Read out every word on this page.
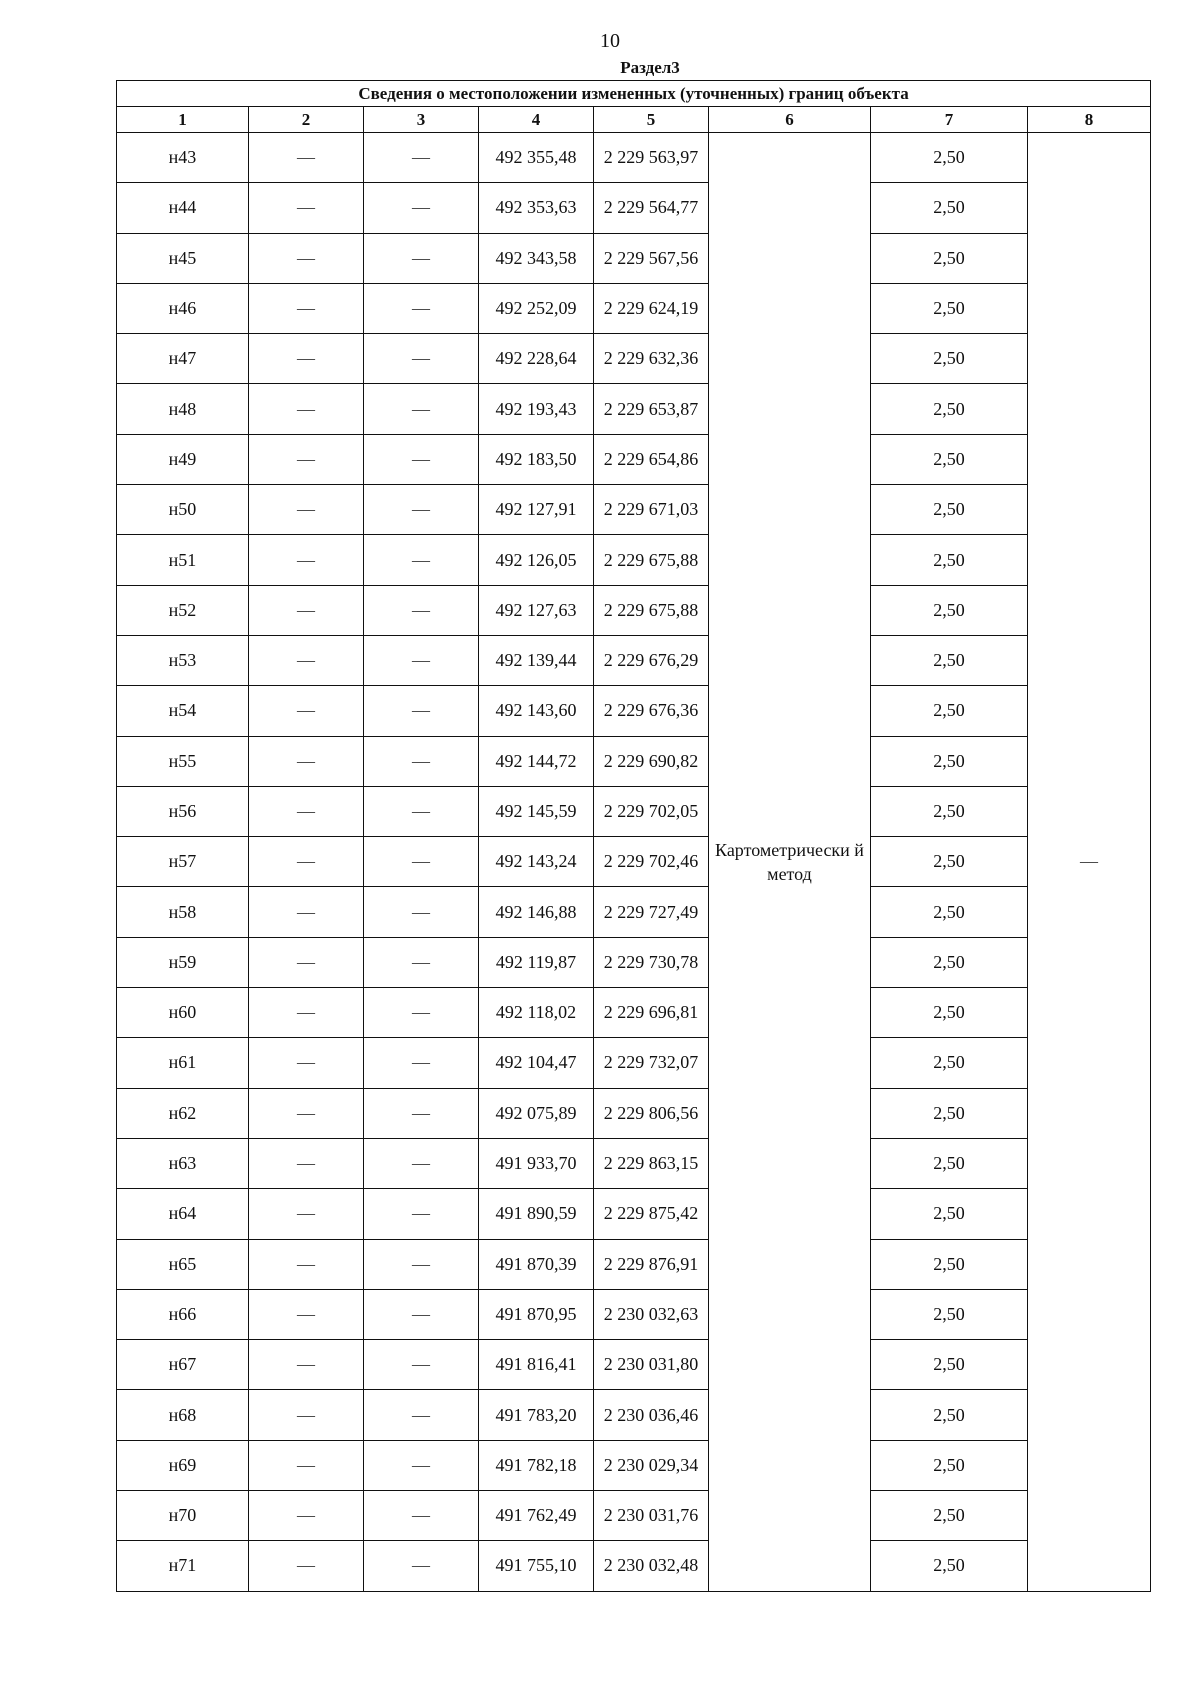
10
Раздел3
Сведения о местоположении измененных (уточненных) границ объекта							
1	2	3	4	5	6	7	8
н43	—	—	492 355,48	2 229 563,97	Картометрически й метод	2,50	—
н44	—	—	492 353,63	2 229 564,77		2,50	
н45	—	—	492 343,58	2 229 567,56		2,50	
н46	—	—	492 252,09	2 229 624,19		2,50	
н47	—	—	492 228,64	2 229 632,36		2,50	
н48	—	—	492 193,43	2 229 653,87		2,50	
н49	—	—	492 183,50	2 229 654,86		2,50	
н50	—	—	492 127,91	2 229 671,03		2,50	
н51	—	—	492 126,05	2 229 675,88		2,50	
н52	—	—	492 127,63	2 229 675,88		2,50	
н53	—	—	492 139,44	2 229 676,29		2,50	
н54	—	—	492 143,60	2 229 676,36		2,50	
н55	—	—	492 144,72	2 229 690,82		2,50	
н56	—	—	492 145,59	2 229 702,05		2,50	
н57	—	—	492 143,24	2 229 702,46		2,50	
н58	—	—	492 146,88	2 229 727,49		2,50	
н59	—	—	492 119,87	2 229 730,78		2,50	
н60	—	—	492 118,02	2 229 696,81		2,50	
н61	—	—	492 104,47	2 229 732,07		2,50	
н62	—	—	492 075,89	2 229 806,56		2,50	
н63	—	—	491 933,70	2 229 863,15		2,50	
н64	—	—	491 890,59	2 229 875,42		2,50	
н65	—	—	491 870,39	2 229 876,91		2,50	
н66	—	—	491 870,95	2 230 032,63		2,50	
н67	—	—	491 816,41	2 230 031,80		2,50	
н68	—	—	491 783,20	2 230 036,46		2,50	
н69	—	—	491 782,18	2 230 029,34		2,50	
н70	—	—	491 762,49	2 230 031,76		2,50	
н71	—	—	491 755,10	2 230 032,48		2,50	
